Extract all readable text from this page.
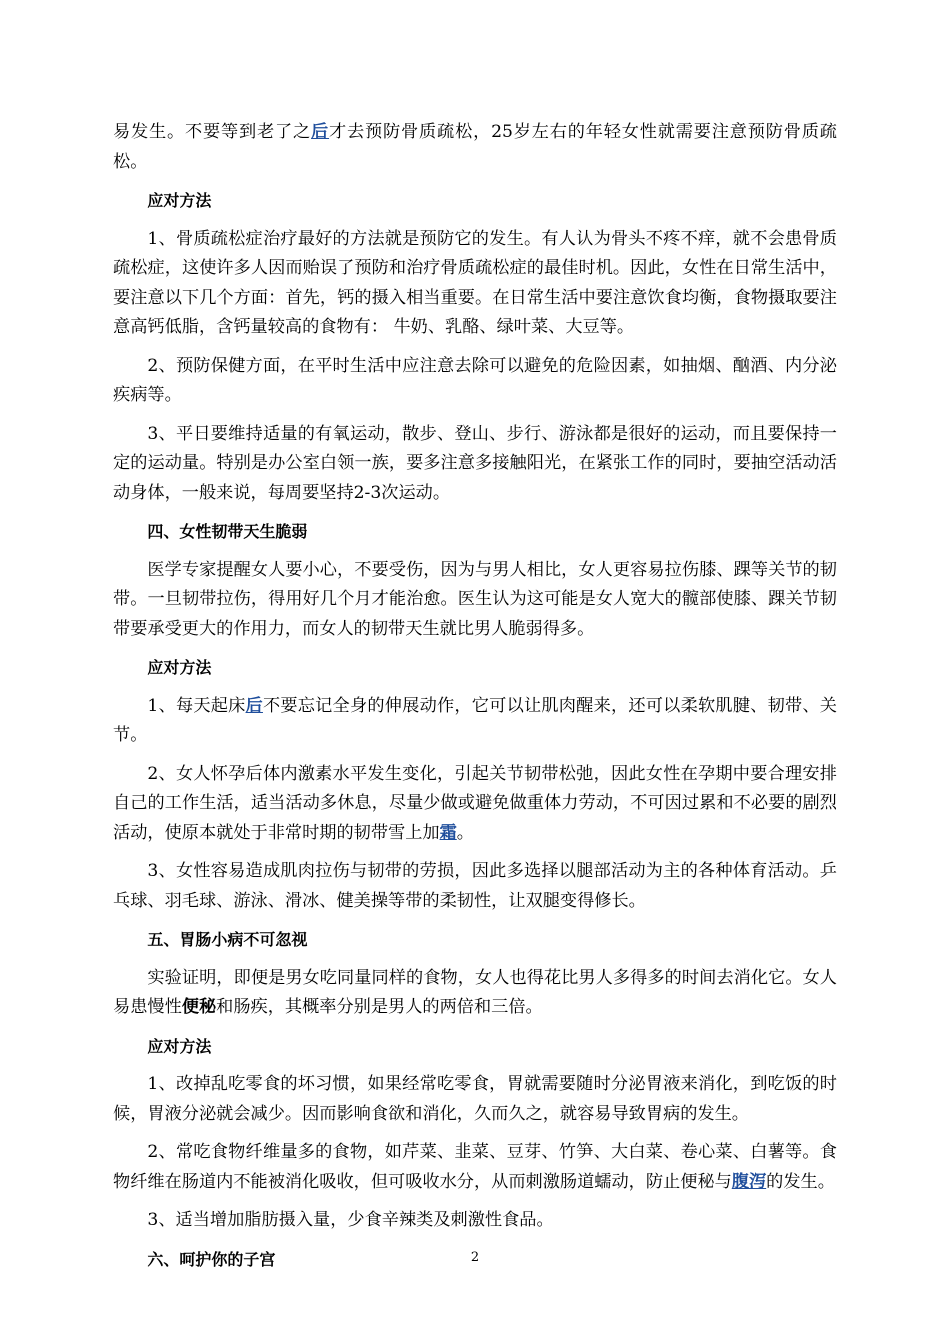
易发生。不要等到老了之后才去预防骨质疏松，25岁左右的年轻女性就需要注意预防骨质疏松。

应对方法

1、骨质疏松症治疗最好的方法就是预防它的发生。有人认为骨头不疼不痒，就不会患骨质疏松症，这使许多人因而贻误了预防和治疗骨质疏松症的最佳时机。因此，女性在日常生活中，要注意以下几个方面：首先，钙的摄入相当重要。在日常生活中要注意饮食均衡，食物摄取要注意高钙低脂，含钙量较高的食物有： 牛奶、乳酪、绿叶菜、大豆等。

2、预防保健方面，在平时生活中应注意去除可以避免的危险因素，如抽烟、酗酒、内分泌疾病等。

3、平日要维持适量的有氧运动，散步、登山、步行、游泳都是很好的运动，而且要保持一定的运动量。特别是办公室白领一族，要多注意多接触阳光，在紧张工作的同时，要抽空活动活动身体，一般来说，每周要坚持2-3次运动。

四、女性韧带天生脆弱

医学专家提醒女人要小心，不要受伤，因为与男人相比，女人更容易拉伤膝、踝等关节的韧带。一旦韧带拉伤，得用好几个月才能治愈。医生认为这可能是女人宽大的髋部使膝、踝关节韧带要承受更大的作用力，而女人的韧带天生就比男人脆弱得多。

应对方法

1、每天起床后不要忘记全身的伸展动作，它可以让肌肉醒来，还可以柔软肌腱、韧带、关节。

2、女人怀孕后体内激素水平发生变化，引起关节韧带松弛，因此女性在孕期中要合理安排自己的工作生活，适当活动多休息，尽量少做或避免做重体力劳动，不可因过累和不必要的剧烈活动，使原本就处于非常时期的韧带雪上加霜。

3、女性容易造成肌肉拉伤与韧带的劳损，因此多选择以腿部活动为主的各种体育活动。乒乓球、羽毛球、游泳、滑冰、健美操等带的柔韧性，让双腿变得修长。

五、胃肠小病不可忽视

实验证明，即便是男女吃同量同样的食物，女人也得花比男人多得多的时间去消化它。女人易患慢性便秘和肠疾，其概率分别是男人的两倍和三倍。

应对方法

1、改掉乱吃零食的坏习惯，如果经常吃零食，胃就需要随时分泌胃液来消化，到吃饭的时候，胃液分泌就会减少。因而影响食欲和消化，久而久之，就容易导致胃病的发生。

2、常吃食物纤维量多的食物，如芹菜、韭菜、豆芽、竹笋、大白菜、卷心菜、白薯等。食物纤维在肠道内不能被消化吸收，但可吸收水分，从而刺激肠道蠕动，防止便秘与腹泻的发生。

3、适当增加脂肪摄入量，少食辛辣类及刺激性食品。

六、呵护你的子宫	2
